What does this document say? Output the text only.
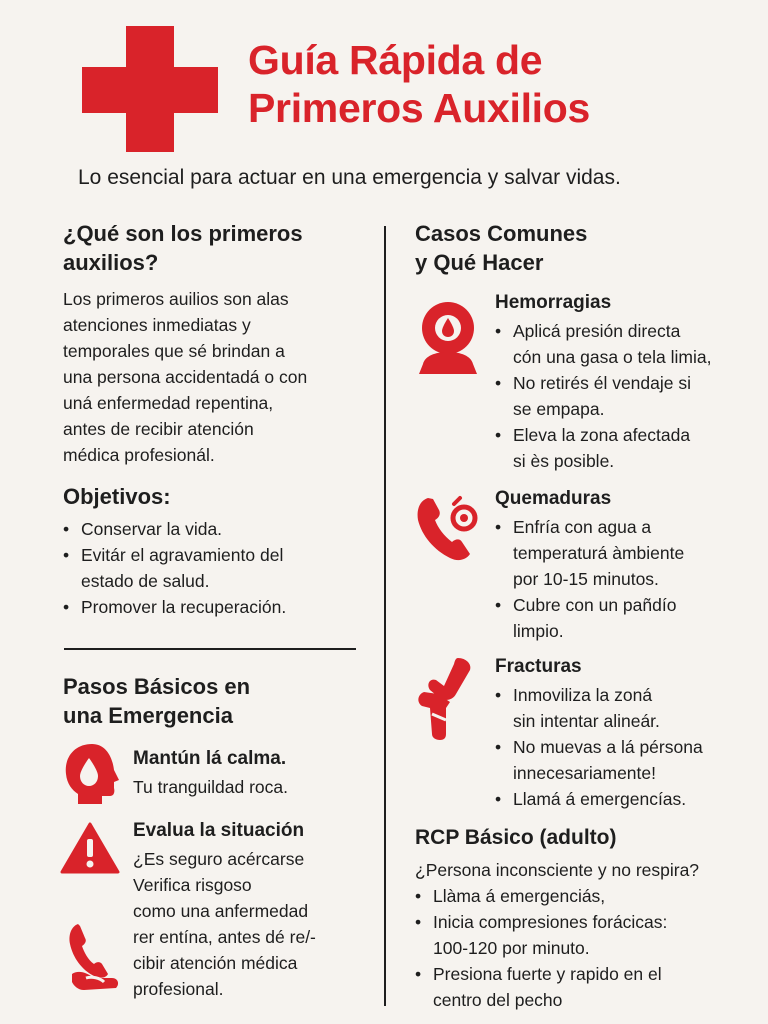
Guía Rápida de
Primeros Auxilios
Lo esencial para actuar en una emergencia y salvar vidas.
¿Qué son los primeros
auxilios?
Los primeros auilios son alas
atenciones inmediatas y
temporales que sé brindan a
una persona accidentadá o con
uná enfermedad repentina,
antes de recibir atención
médica profesionál.
Objetivos:
• Conservar la vida.
• Evitár el agravamiento del
estado de salud.
• Promover la recuperación.
Pasos Básicos en
una Emergencia
Mantún lá calma.
Tu tranguildad roca.
Evalua la situación
¿Es seguro acércarse
Verifica risgoso
como una anfermedad
rer entína, antes dé re/-
cibir atención médica
profesional.
Casos Comunes
y Qué Hacer
Hemorragias
• Aplicá presión directa
cón una gasa o tela limia,
• No retirés él vendaje si
se empapa.
• Eleva la zona afectada
si ès posible.
Quemaduras
• Enfría con agua a
temperaturá àmbiente
por 10-15 minutos.
• Cubre con un pañdío
limpio.
Fracturas
• Inmoviliza la zoná
sin intentar alineár.
• No muevas a lá pérsona
innecesariamente!
• Llamá á emergencías.
RCP Básico (adulto)
¿Persona inconsciente y no respira?
• Llàma á emergenciás,
• Inicia compresiones forácicas:
100-120 por minuto.
• Presiona fuerte y rapido en el
centro del pecho
